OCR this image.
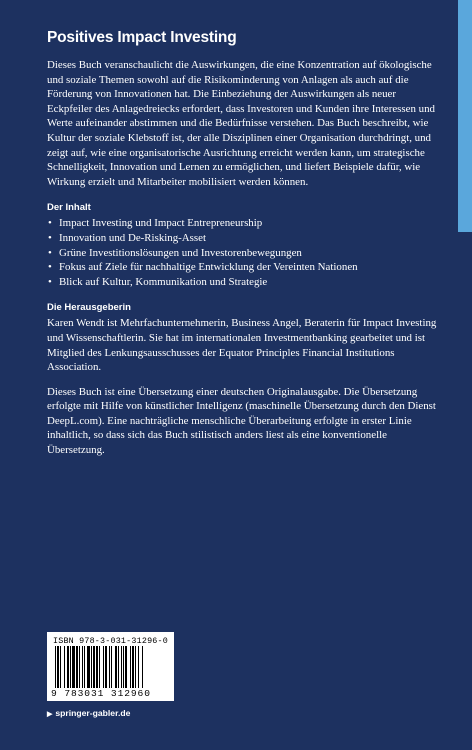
Positives Impact Investing

Dieses Buch veranschaulicht die Auswirkungen, die eine Konzentration auf ökologische und soziale Themen sowohl auf die Risikominderung von Anlagen als auch auf die Förderung von Innovationen hat. Die Einbeziehung der Auswirkungen als neuer Eckpfeiler des Anlagedreiecks erfordert, dass Investoren und Kunden ihre Interessen und Werte aufeinander abstimmen und die Bedürfnisse verstehen. Das Buch beschreibt, wie Kultur der soziale Klebstoff ist, der alle Disziplinen einer Organisation durchdringt, und zeigt auf, wie eine organisatorische Ausrichtung erreicht werden kann, um strategische Schnelligkeit, Innovation und Lernen zu ermöglichen, und liefert Beispiele dafür, wie Wirkung erzielt und Mitarbeiter mobilisiert werden können.

Der Inhalt
• Impact Investing und Impact Entrepreneurship
• Innovation und De-Risking-Asset
• Grüne Investitionslösungen und Investorenbewegungen
• Fokus auf Ziele für nachhaltige Entwicklung der Vereinten Nationen
• Blick auf Kultur, Kommunikation und Strategie
Die Herausgeberin

Karen Wendt ist Mehrfachunternehmerin, Business Angel, Beraterin für Impact Investing und Wissenschaftlerin. Sie hat im internationalen Investmentbanking gearbeitet und ist Mitglied des Lenkungsausschusses der Equator Principles Financial Institutions Association.

Dieses Buch ist eine Übersetzung einer deutschen Originalausgabe. Die Übersetzung erfolgte mit Hilfe von künstlicher Intelligenz (maschinelle Übersetzung durch den Dienst DeepL.com). Eine nachträgliche menschliche Überarbeitung erfolgte in erster Linie inhaltlich, so dass sich das Buch stilistisch anders liest als eine konventionelle Übersetzung.

ISBN 978-3-031-31296-0
9 783031 312960
▶ springer-gabler.de
